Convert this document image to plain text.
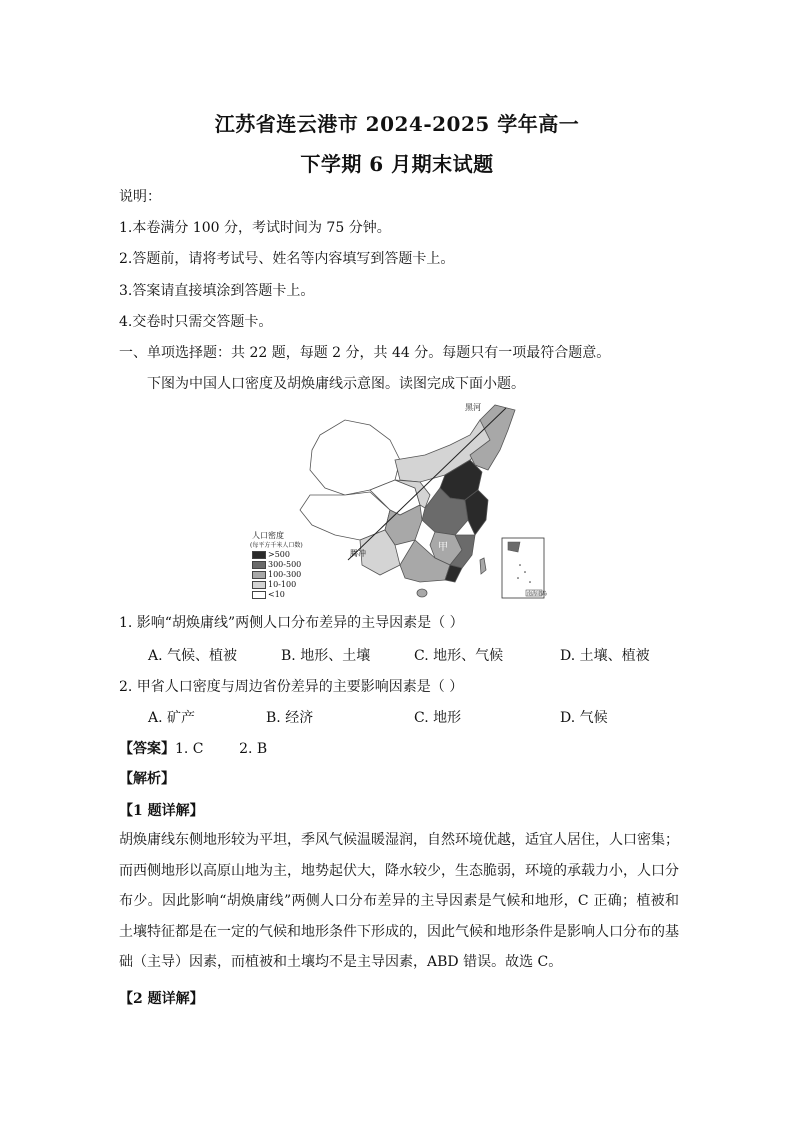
江苏省连云港市 2024-2025 学年高一
下学期 6 月期末试题
说明：
1.本卷满分 100 分，考试时间为 75 分钟。
2.答题前，请将考试号、姓名等内容填写到答题卡上。
3.答案请直接填涂到答题卡上。
4.交卷时只需交答题卡。
一、单项选择题：共 22 题，每题 2 分，共 44 分。每题只有一项最符合题意。
下图为中国人口密度及胡焕庸线示意图。读图完成下面小题。
黑河
腾冲
甲
南海诸岛
人口密度
(每平方千米人口数)
>500
300-500
100-300
10-100
<10
1. 影响“胡焕庸线”两侧人口分布差异的主导因素是（ ）
A. 气候、植被	B. 地形、土壤	C. 地形、气候	D. 土壤、植被
2. 甲省人口密度与周边省份差异的主要影响因素是（ ）
A. 矿产	B. 经济	C. 地形	D. 气候
【答案】1. C        2. B
【解析】
【1 题详解】
胡焕庸线东侧地形较为平坦，季风气候温暖湿润，自然环境优越，适宜人居住，人口密集；而西侧地形以高原山地为主，地势起伏大，降水较少，生态脆弱，环境的承载力小，人口分布少。因此影响“胡焕庸线”两侧人口分布差异的主导因素是气候和地形，C 正确；植被和土壤特征都是在一定的气候和地形条件下形成的，因此气候和地形条件是影响人口分布的基础（主导）因素，而植被和土壤均不是主导因素，ABD 错误。故选 C。
【2 题详解】
